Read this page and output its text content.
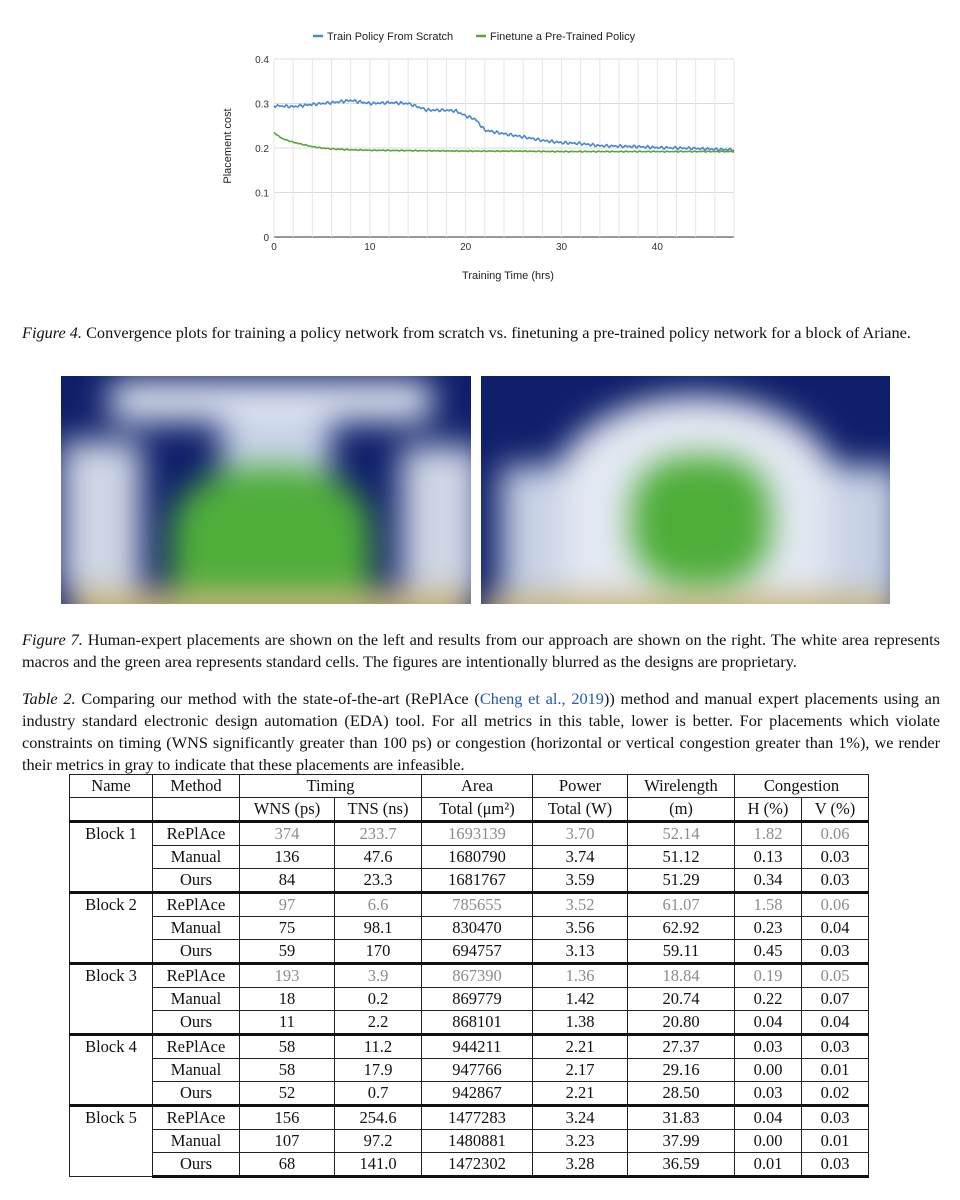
0
0.1
0.2
0.3
0.4
0	10	20	30	40
Training Time (hrs)
Placement cost
Train Policy From Scratch	Finetune a Pre-Trained Policy
Figure 4. Convergence plots for training a policy network from scratch vs. finetuning a pre-trained policy network for a block of Ariane.
Figure 7. Human-expert placements are shown on the left and results from our approach are shown on the right. The white area represents macros and the green area represents standard cells. The figures are intentionally blurred as the designs are proprietary.
Table 2. Comparing our method with the state-of-the-art (RePlAce (Cheng et al., 2019)) method and manual expert placements using an industry standard electronic design automation (EDA) tool. For all metrics in this table, lower is better. For placements which violate constraints on timing (WNS significantly greater than 100 ps) or congestion (horizontal or vertical congestion greater than 1%), we render their metrics in gray to indicate that these placements are infeasible.
Name	Method	Timing		Area	Power	Wirelength	Congestion	
		WNS (ps)	TNS (ns)	Total (μm²)	Total (W)	(m)	H (%)	V (%)
Block 1	RePlAce	374	233.7	1693139	3.70	52.14	1.82	0.06
	Manual	136	47.6	1680790	3.74	51.12	0.13	0.03
	Ours	84	23.3	1681767	3.59	51.29	0.34	0.03
Block 2	RePlAce	97	6.6	785655	3.52	61.07	1.58	0.06
	Manual	75	98.1	830470	3.56	62.92	0.23	0.04
	Ours	59	170	694757	3.13	59.11	0.45	0.03
Block 3	RePlAce	193	3.9	867390	1.36	18.84	0.19	0.05
	Manual	18	0.2	869779	1.42	20.74	0.22	0.07
	Ours	11	2.2	868101	1.38	20.80	0.04	0.04
Block 4	RePlAce	58	11.2	944211	2.21	27.37	0.03	0.03
	Manual	58	17.9	947766	2.17	29.16	0.00	0.01
	Ours	52	0.7	942867	2.21	28.50	0.03	0.02
Block 5	RePlAce	156	254.6	1477283	3.24	31.83	0.04	0.03
	Manual	107	97.2	1480881	3.23	37.99	0.00	0.01
	Ours	68	141.0	1472302	3.28	36.59	0.01	0.03
